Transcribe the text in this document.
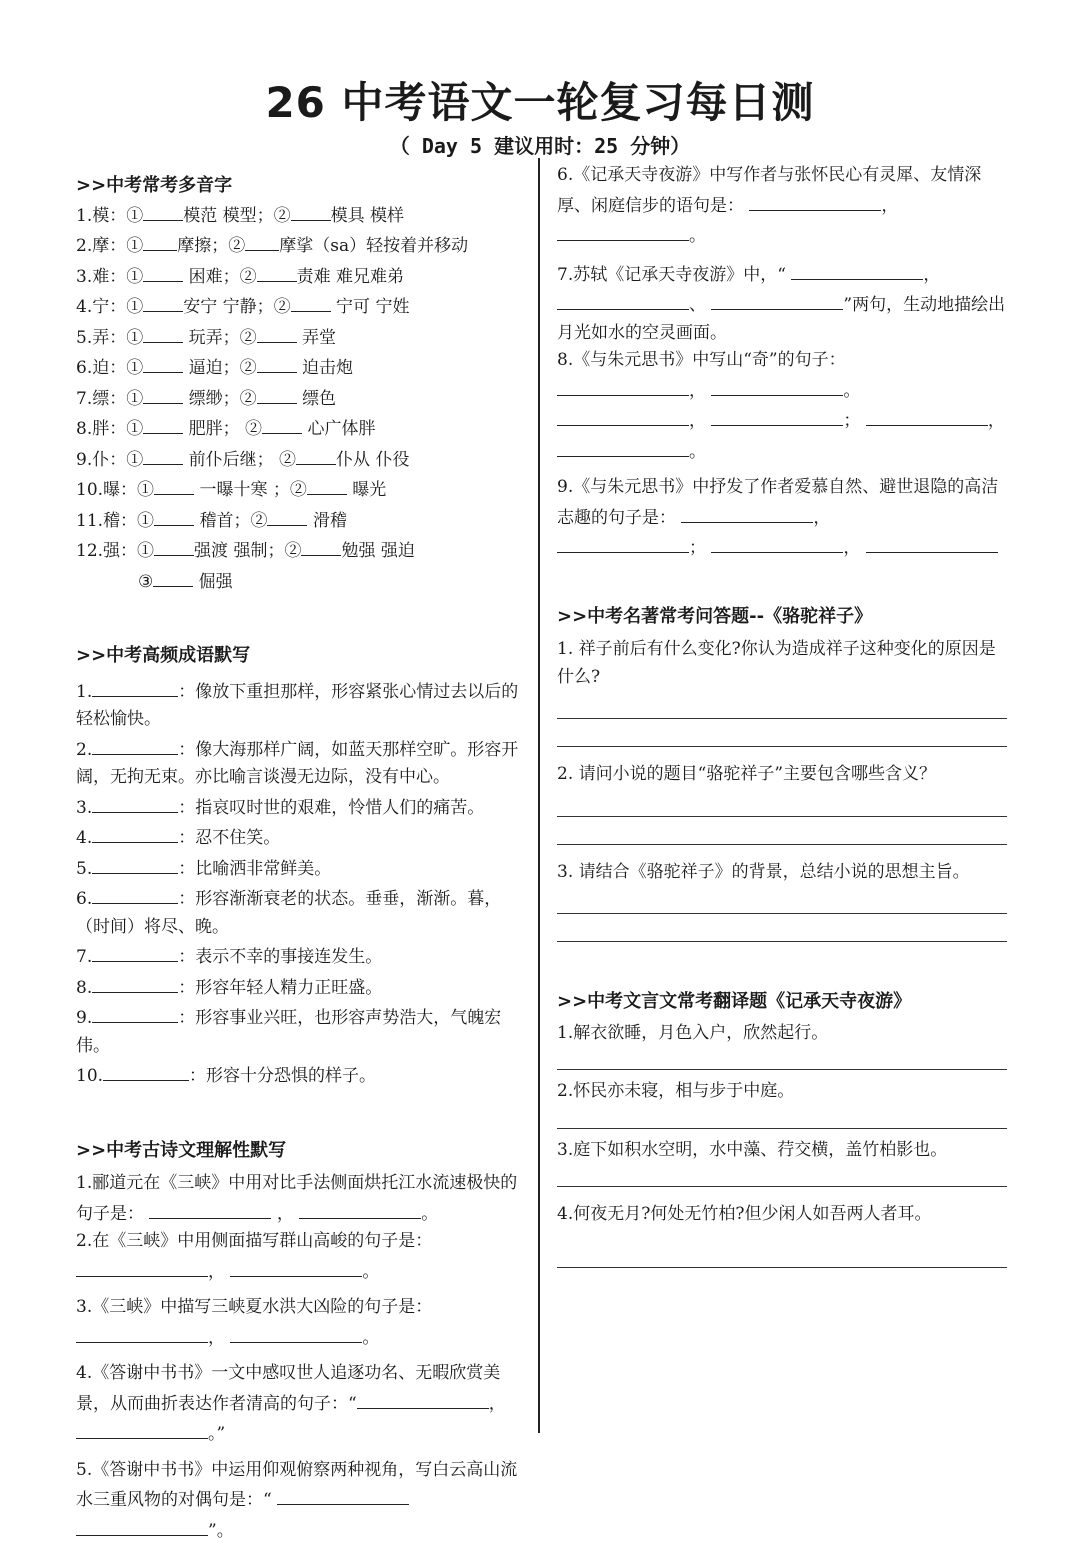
26 中考语文一轮复习每日测
（ Day 5 建议用时：25 分钟）
>>中考常考多音字
1.模：① 模范 模型；② 模具 模样
2.摩：① 摩擦；② 摩挲（sa）轻按着并移动
3.难：① 困难；② 责难 难兄难弟
4.宁：① 安宁 宁静；② 宁可 宁姓
5.弄：① 玩弄；② 弄堂
6.迫：① 逼迫；② 迫击炮
7.缥：① 缥缈；② 缥色
8.胖：① 肥胖； ② 心广体胖
9.仆：① 前仆后继； ② 仆从 仆役
10.曝：① 一曝十寒 ；② 曝光
11.稽：① 稽首；② 滑稽
12.强：① 强渡 强制；② 勉强 强迫
③ 倔强
>>中考高频成语默写
1.	：像放下重担那样，形容紧张心情过去以后的轻松愉快。
2.	：像大海那样广阔，如蓝天那样空旷。形容开阔，无拘无束。亦比喻言谈漫无边际，没有中心。
3.	：指哀叹时世的艰难，怜惜人们的痛苦。
4.	：忍不住笑。
5.	：比喻洒非常鲜美。
6.	：形容渐渐衰老的状态。垂垂，渐渐。暮，（时间）将尽、晚。
7.	：表示不幸的事接连发生。
8.	：形容年轻人精力正旺盛。
9.	：形容事业兴旺，也形容声势浩大，气魄宏伟。
10.	：形容十分恐惧的样子。
>>中考古诗文理解性默写
1.郦道元在《三峡》中用对比手法侧面烘托江水流速极快的句子是：	，	。
2.在《三峡》中用侧面描写群山高峻的句子是：
，	。
3.《三峡》中描写三峡夏水洪大凶险的句子是：
，	。
4.《答谢中书书》一文中感叹世人追逐功名、无暇欣赏美景，从而曲折表达作者清高的句子：“	，
。”
5.《答谢中书书》中运用仰观俯察两种视角，写白云高山流水三重风物的对偶句是：“
”。
6.《记承天寺夜游》中写作者与张怀民心有灵犀、友情深厚、闲庭信步的语句是：	，
。
7.苏轼《记承天寺夜游》中，“	，
、	”两句，生动地描绘出月光如水的空灵画面。
8.《与朱元思书》中写山“奇”的句子：
，	。
，	；	，
。
9.《与朱元思书》中抒发了作者爱慕自然、避世退隐的高洁志趣的句子是：	，
；	，
>>中考名著常考问答题--《骆驼祥子》
1. 祥子前后有什么变化?你认为造成祥子这种变化的原因是什么?
2. 请问小说的题目“骆驼祥子”主要包含哪些含义？
3. 请结合《骆驼祥子》的背景，总结小说的思想主旨。
>>中考文言文常考翻译题《记承天寺夜游》
1.解衣欲睡，月色入户，欣然起行。
2.怀民亦未寝，相与步于中庭。
3.庭下如积水空明，水中藻、荇交横，盖竹柏影也。
4.何夜无月?何处无竹柏?但少闲人如吾两人者耳。
